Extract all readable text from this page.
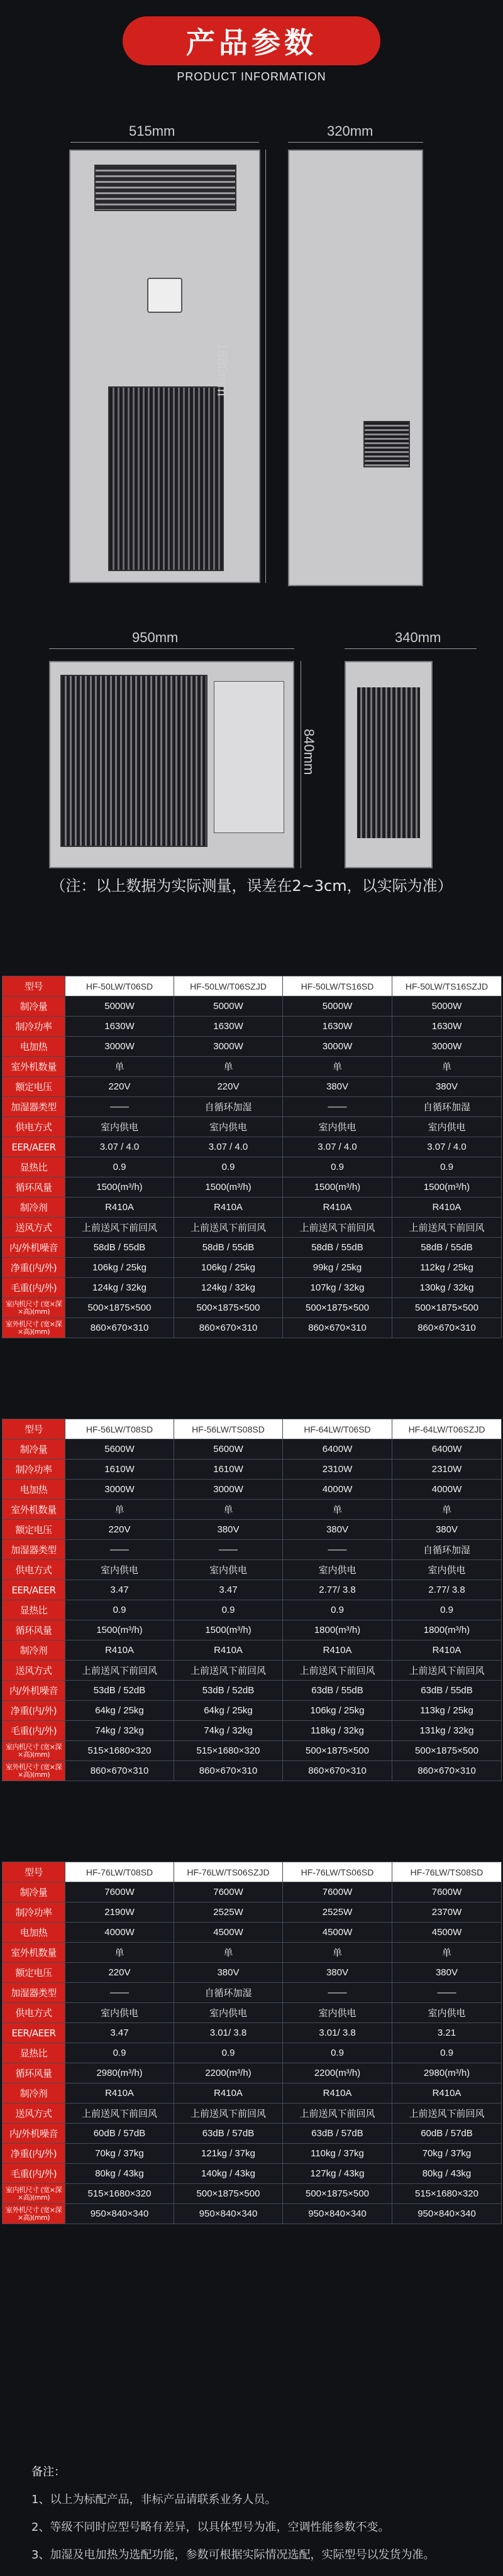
产品参数
PRODUCT INFORMATION
515mm
1680mm
320mm
950mm
840mm
340mm
（注：以上数据为实际测量，误差在2~3cm，以实际为准）
型号	HF-50LW/T06SD	HF-50LW/T06SZJD	HF-50LW/TS16SD	HF-50LW/TS16SZJD
制冷量	5000W	5000W	5000W	5000W
制冷功率	1630W	1630W	1630W	1630W
电加热	3000W	3000W	3000W	3000W
室外机数量	单	单	单	单
额定电压	220V	220V	380V	380V
加湿器类型	——	自循环加湿	——	自循环加湿
供电方式	室内供电	室内供电	室内供电	室内供电
EER/AEER	3.07 / 4.0	3.07 / 4.0	3.07 / 4.0	3.07 / 4.0
显热比	0.9	0.9	0.9	0.9
循环风量	1500(m³/h)	1500(m³/h)	1500(m³/h)	1500(m³/h)
制冷剂	R410A	R410A	R410A	R410A
送风方式	上前送风下前回风	上前送风下前回风	上前送风下前回风	上前送风下前回风
内/外机噪音	58dB / 55dB	58dB / 55dB	58dB / 55dB	58dB / 55dB
净重(内/外)	106kg / 25kg	106kg / 25kg	99kg / 25kg	112kg / 25kg
毛重(内/外)	124kg / 32kg	124kg / 32kg	107kg / 32kg	130kg / 32kg
室内机尺寸 (宽×深×高)(mm)	500×1875×500	500×1875×500	500×1875×500	500×1875×500
室外机尺寸 (宽×深×高)(mm)	860×670×310	860×670×310	860×670×310	860×670×310
型号	HF-56LW/T08SD	HF-56LW/TS08SD	HF-64LW/T06SD	HF-64LW/T06SZJD
制冷量	5600W	5600W	6400W	6400W
制冷功率	1610W	1610W	2310W	2310W
电加热	3000W	3000W	4000W	4000W
室外机数量	单	单	单	单
额定电压	220V	380V	380V	380V
加湿器类型	——	——	——	自循环加湿
供电方式	室内供电	室内供电	室内供电	室内供电
EER/AEER	3.47	3.47	2.77/ 3.8	2.77/ 3.8
显热比	0.9	0.9	0.9	0.9
循环风量	1500(m³/h)	1500(m³/h)	1800(m³/h)	1800(m³/h)
制冷剂	R410A	R410A	R410A	R410A
送风方式	上前送风下前回风	上前送风下前回风	上前送风下前回风	上前送风下前回风
内/外机噪音	53dB / 52dB	53dB / 52dB	63dB / 55dB	63dB / 55dB
净重(内/外)	64kg / 25kg	64kg / 25kg	106kg / 25kg	113kg / 25kg
毛重(内/外)	74kg / 32kg	74kg / 32kg	118kg / 32kg	131kg / 32kg
室内机尺寸 (宽×深×高)(mm)	515×1680×320	515×1680×320	500×1875×500	500×1875×500
室外机尺寸 (宽×深×高)(mm)	860×670×310	860×670×310	860×670×310	860×670×310
型号	HF-76LW/T08SD	HF-76LW/TS06SZJD	HF-76LW/TS06SD	HF-76LW/TS08SD
制冷量	7600W	7600W	7600W	7600W
制冷功率	2190W	2525W	2525W	2370W
电加热	4000W	4500W	4500W	4500W
室外机数量	单	单	单	单
额定电压	220V	380V	380V	380V
加湿器类型	——	自循环加湿	——	——
供电方式	室内供电	室内供电	室内供电	室内供电
EER/AEER	3.47	3.01/ 3.8	3.01/ 3.8	3.21
显热比	0.9	0.9	0.9	0.9
循环风量	2980(m³/h)	2200(m³/h)	2200(m³/h)	2980(m³/h)
制冷剂	R410A	R410A	R410A	R410A
送风方式	上前送风下前回风	上前送风下前回风	上前送风下前回风	上前送风下前回风
内/外机噪音	60dB / 57dB	63dB / 57dB	63dB / 57dB	60dB / 57dB
净重(内/外)	70kg / 37kg	121kg / 37kg	110kg / 37kg	70kg / 37kg
毛重(内/外)	80kg / 43kg	140kg / 43kg	127kg / 43kg	80kg / 43kg
室内机尺寸 (宽×深×高)(mm)	515×1680×320	500×1875×500	500×1875×500	515×1680×320
室外机尺寸 (宽×深×高)(mm)	950×840×340	950×840×340	950×840×340	950×840×340
备注：
1、以上为标配产品，非标产品请联系业务人员。
2、等级不同时应型号略有差异，以具体型号为准，空调性能参数不变。
3、加湿及电加热为选配功能，参数可根据实际情况选配，实际型号以发货为准。
